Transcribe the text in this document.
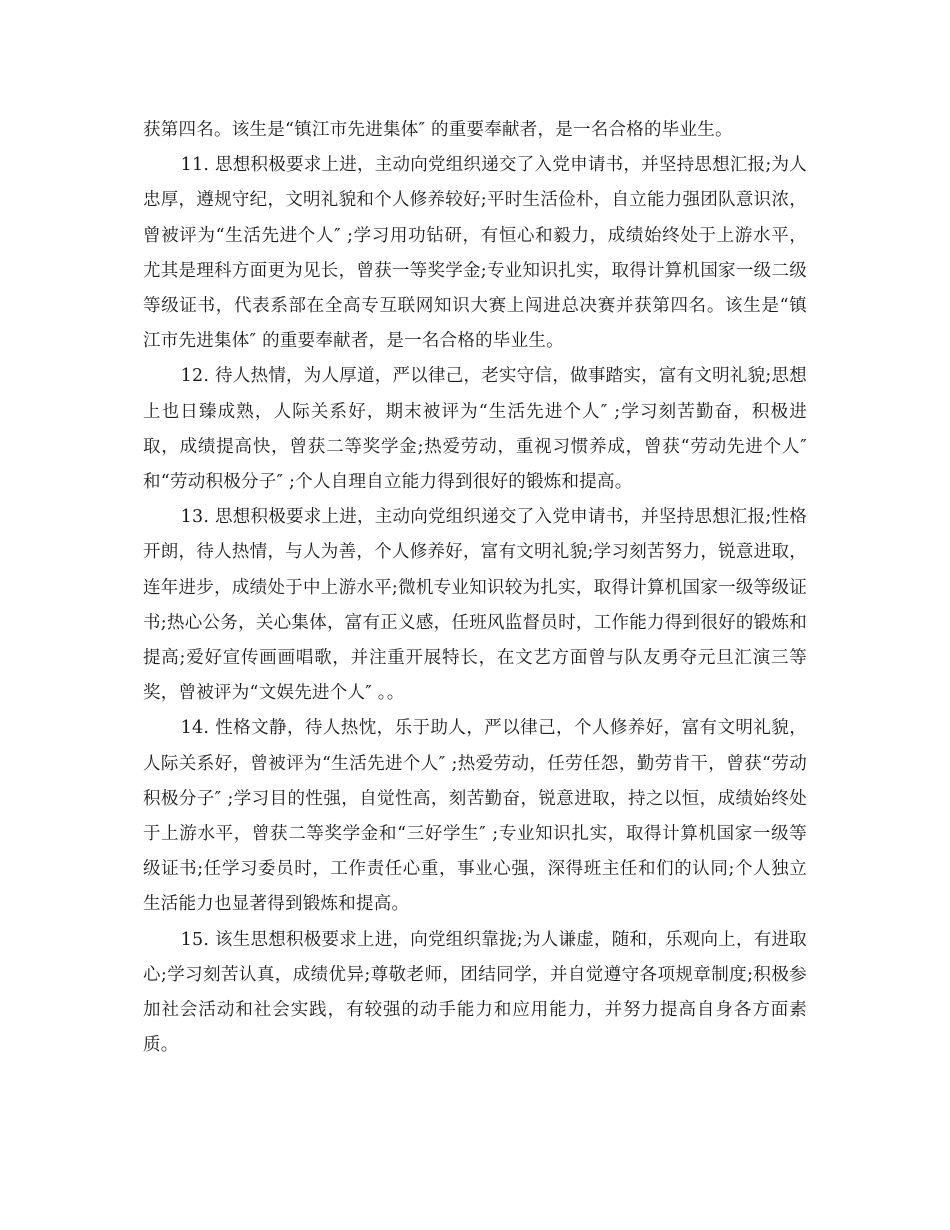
获第四名。该生是“镇江市先进集体″ 的重要奉献者，是一名合格的毕业生。

11. 思想积极要求上进，主动向党组织递交了入党申请书，并坚持思想汇报;为人忠厚，遵规守纪，文明礼貌和个人修养较好;平时生活俭朴，自立能力强团队意识浓，曾被评为“生活先进个人″ ;学习用功钻研，有恒心和毅力，成绩始终处于上游水平，尤其是理科方面更为见长，曾获一等奖学金;专业知识扎实，取得计算机国家一级二级等级证书，代表系部在全高专互联网知识大赛上闯进总决赛并获第四名。该生是“镇江市先进集体″ 的重要奉献者，是一名合格的毕业生。

12. 待人热情，为人厚道，严以律己，老实守信，做事踏实，富有文明礼貌;思想上也日臻成熟，人际关系好，期末被评为“生活先进个人″ ;学习刻苦勤奋，积极进取，成绩提高快，曾获二等奖学金;热爱劳动，重视习惯养成，曾获“劳动先进个人″ 和“劳动积极分子″ ;个人自理自立能力得到很好的锻炼和提高。

13. 思想积极要求上进，主动向党组织递交了入党申请书，并坚持思想汇报;性格开朗，待人热情，与人为善，个人修养好，富有文明礼貌;学习刻苦努力，锐意进取，连年进步，成绩处于中上游水平;微机专业知识较为扎实，取得计算机国家一级等级证书;热心公务，关心集体，富有正义感，任班风监督员时，工作能力得到很好的锻炼和提高;爱好宣传画画唱歌，并注重开展特长，在文艺方面曾与队友勇夺元旦汇演三等奖，曾被评为“文娱先进个人″ 。。

14. 性格文静，待人热忱，乐于助人，严以律己，个人修养好，富有文明礼貌，人际关系好，曾被评为“生活先进个人″ ;热爱劳动，任劳任怨，勤劳肯干，曾获“劳动积极分子″ ;学习目的性强，自觉性高，刻苦勤奋，锐意进取，持之以恒，成绩始终处于上游水平，曾获二等奖学金和“三好学生″ ;专业知识扎实，取得计算机国家一级等级证书;任学习委员时，工作责任心重，事业心强，深得班主任和们的认同;个人独立生活能力也显著得到锻炼和提高。

15. 该生思想积极要求上进，向党组织靠拢;为人谦虚，随和，乐观向上，有进取心;学习刻苦认真，成绩优异;尊敬老师，团结同学，并自觉遵守各项规章制度;积极参加社会活动和社会实践，有较强的动手能力和应用能力，并努力提高自身各方面素质。
